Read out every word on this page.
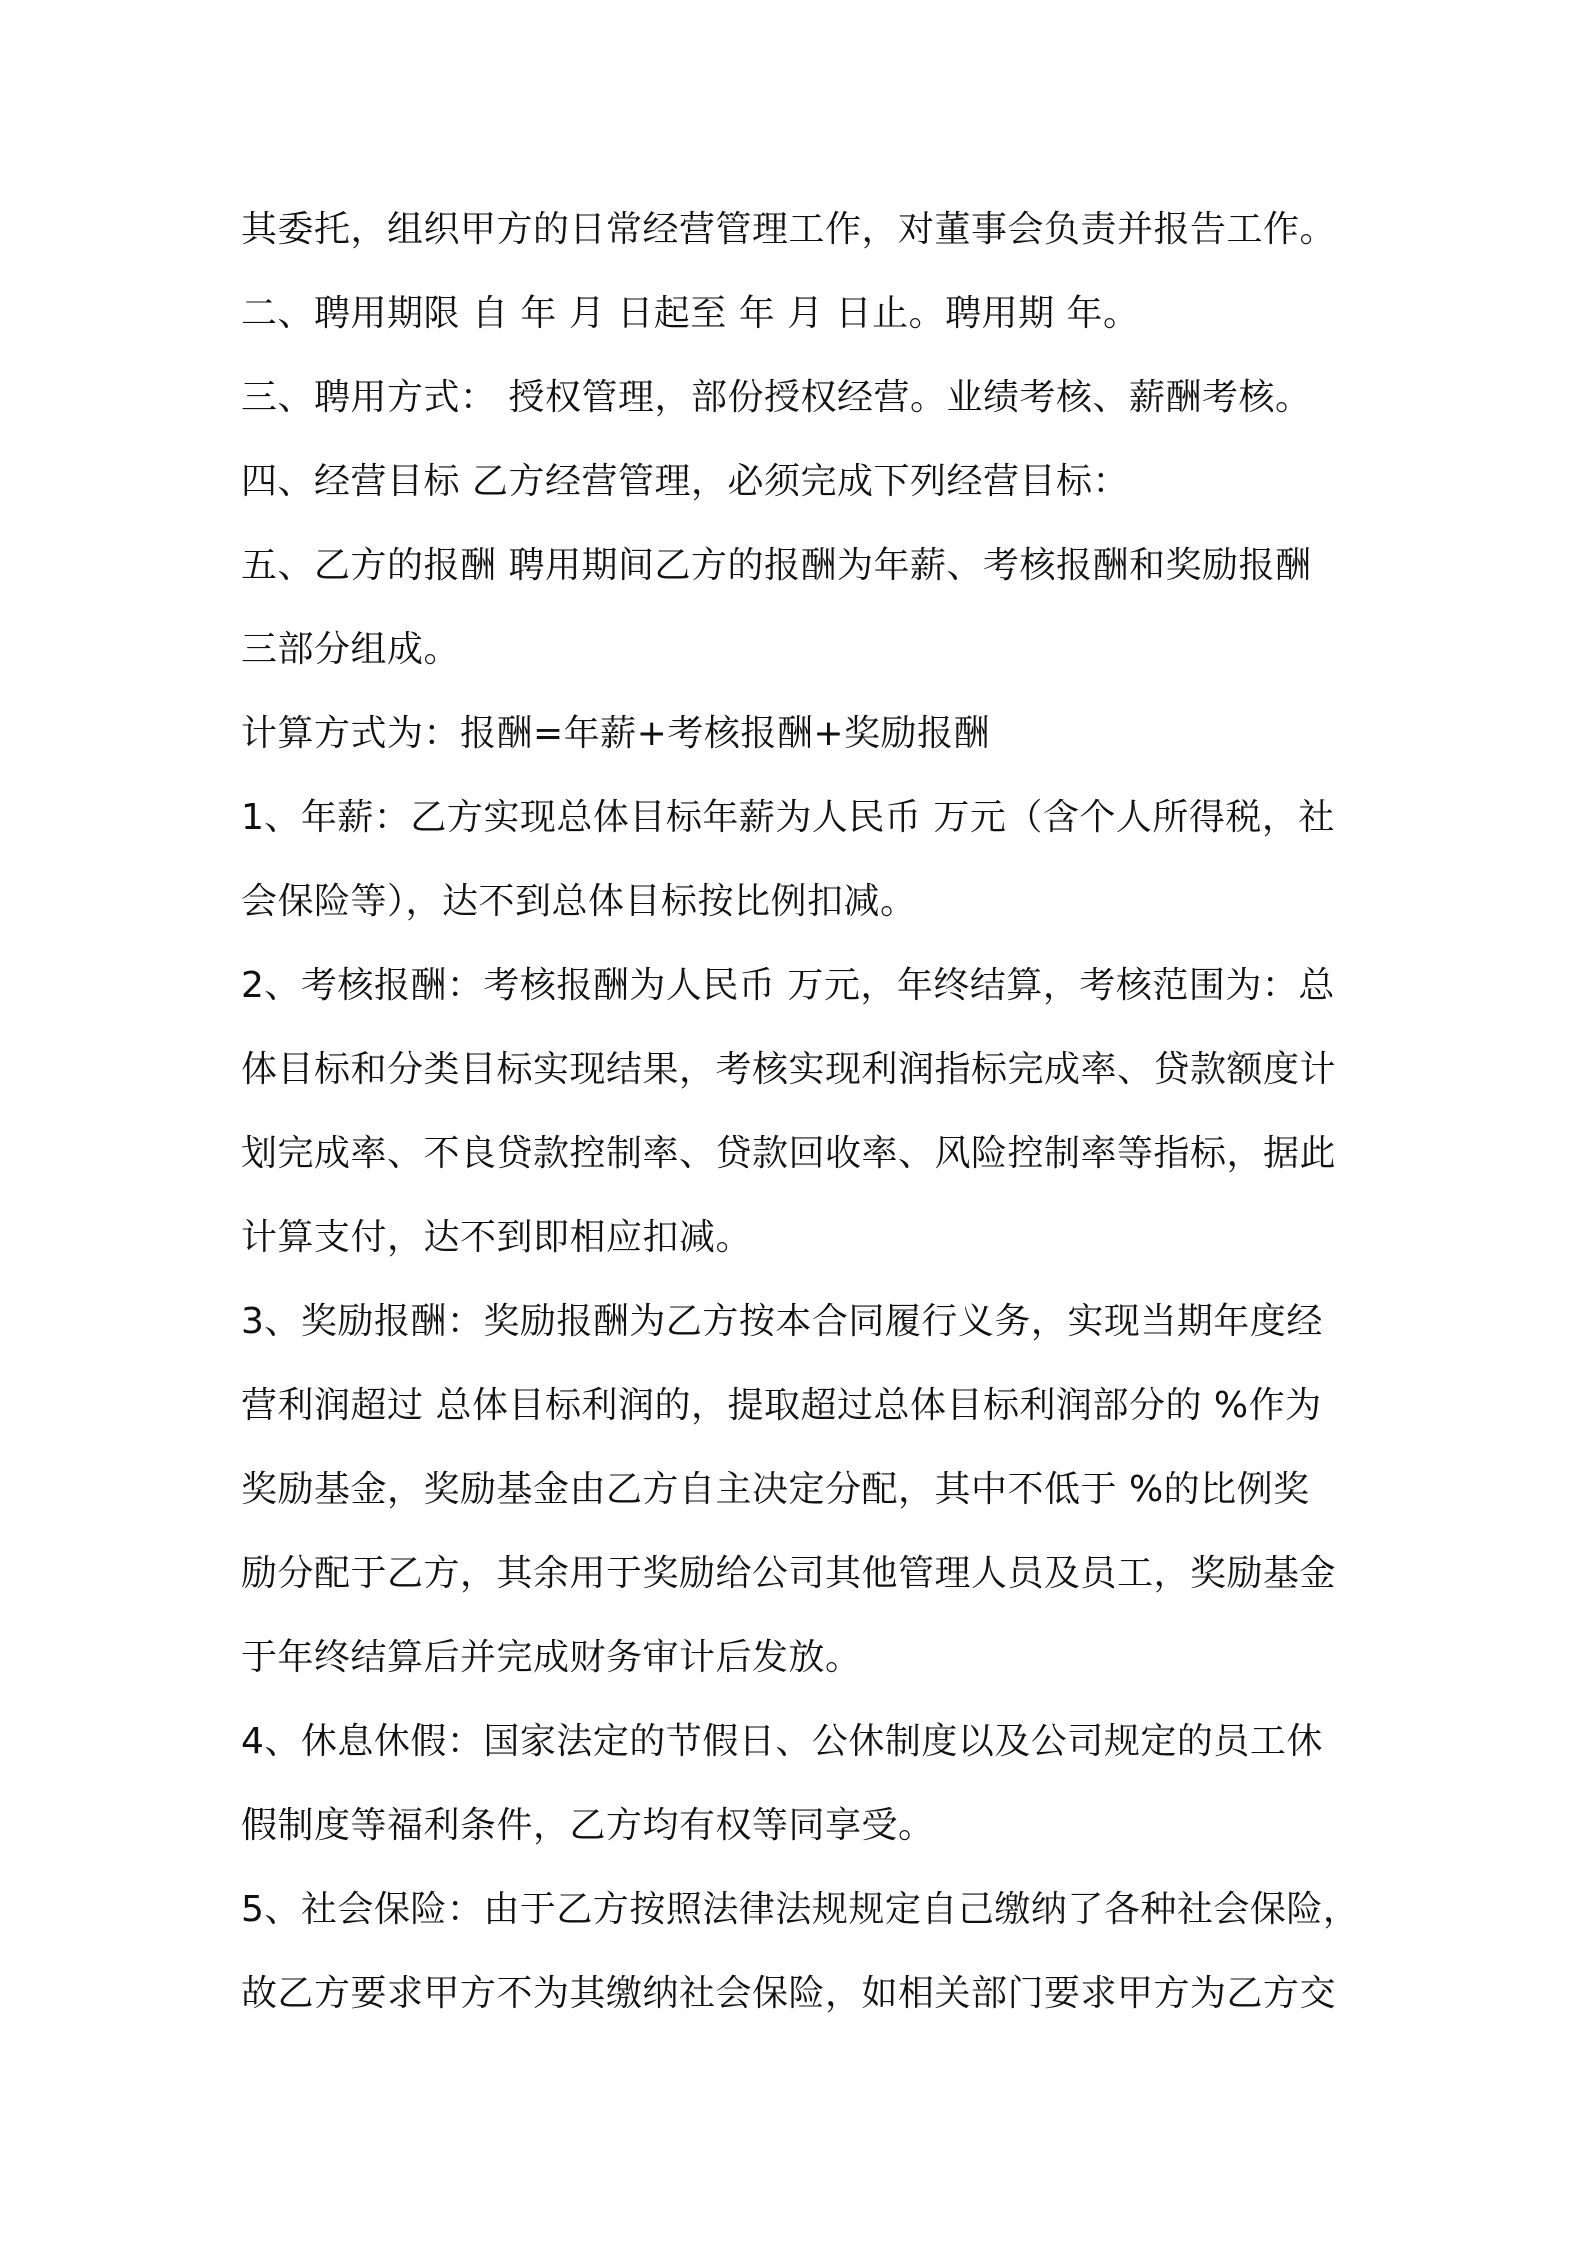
其委托，组织甲方的日常经营管理工作，对董事会负责并报告工作。
二、聘用期限 自 年 月 日起至 年 月 日止。聘用期 年。
三、聘用方式： 授权管理，部份授权经营。业绩考核、薪酬考核。
四、经营目标 乙方经营管理，必须完成下列经营目标：
五、乙方的报酬 聘用期间乙方的报酬为年薪、考核报酬和奖励报酬
三部分组成。
计算方式为：报酬=年薪+考核报酬+奖励报酬
1、年薪：乙方实现总体目标年薪为人民币 万元（含个人所得税，社
会保险等），达不到总体目标按比例扣减。
2、考核报酬：考核报酬为人民币 万元，年终结算，考核范围为：总
体目标和分类目标实现结果，考核实现利润指标完成率、贷款额度计
划完成率、不良贷款控制率、贷款回收率、风险控制率等指标，据此
计算支付，达不到即相应扣减。
3、奖励报酬：奖励报酬为乙方按本合同履行义务，实现当期年度经
营利润超过 总体目标利润的，提取超过总体目标利润部分的 %作为
奖励基金，奖励基金由乙方自主决定分配，其中不低于 %的比例奖
励分配于乙方，其余用于奖励给公司其他管理人员及员工，奖励基金
于年终结算后并完成财务审计后发放。
4、休息休假：国家法定的节假日、公休制度以及公司规定的员工休
假制度等福利条件，乙方均有权等同享受。
5、社会保险：由于乙方按照法律法规规定自己缴纳了各种社会保险，
故乙方要求甲方不为其缴纳社会保险，如相关部门要求甲方为乙方交
